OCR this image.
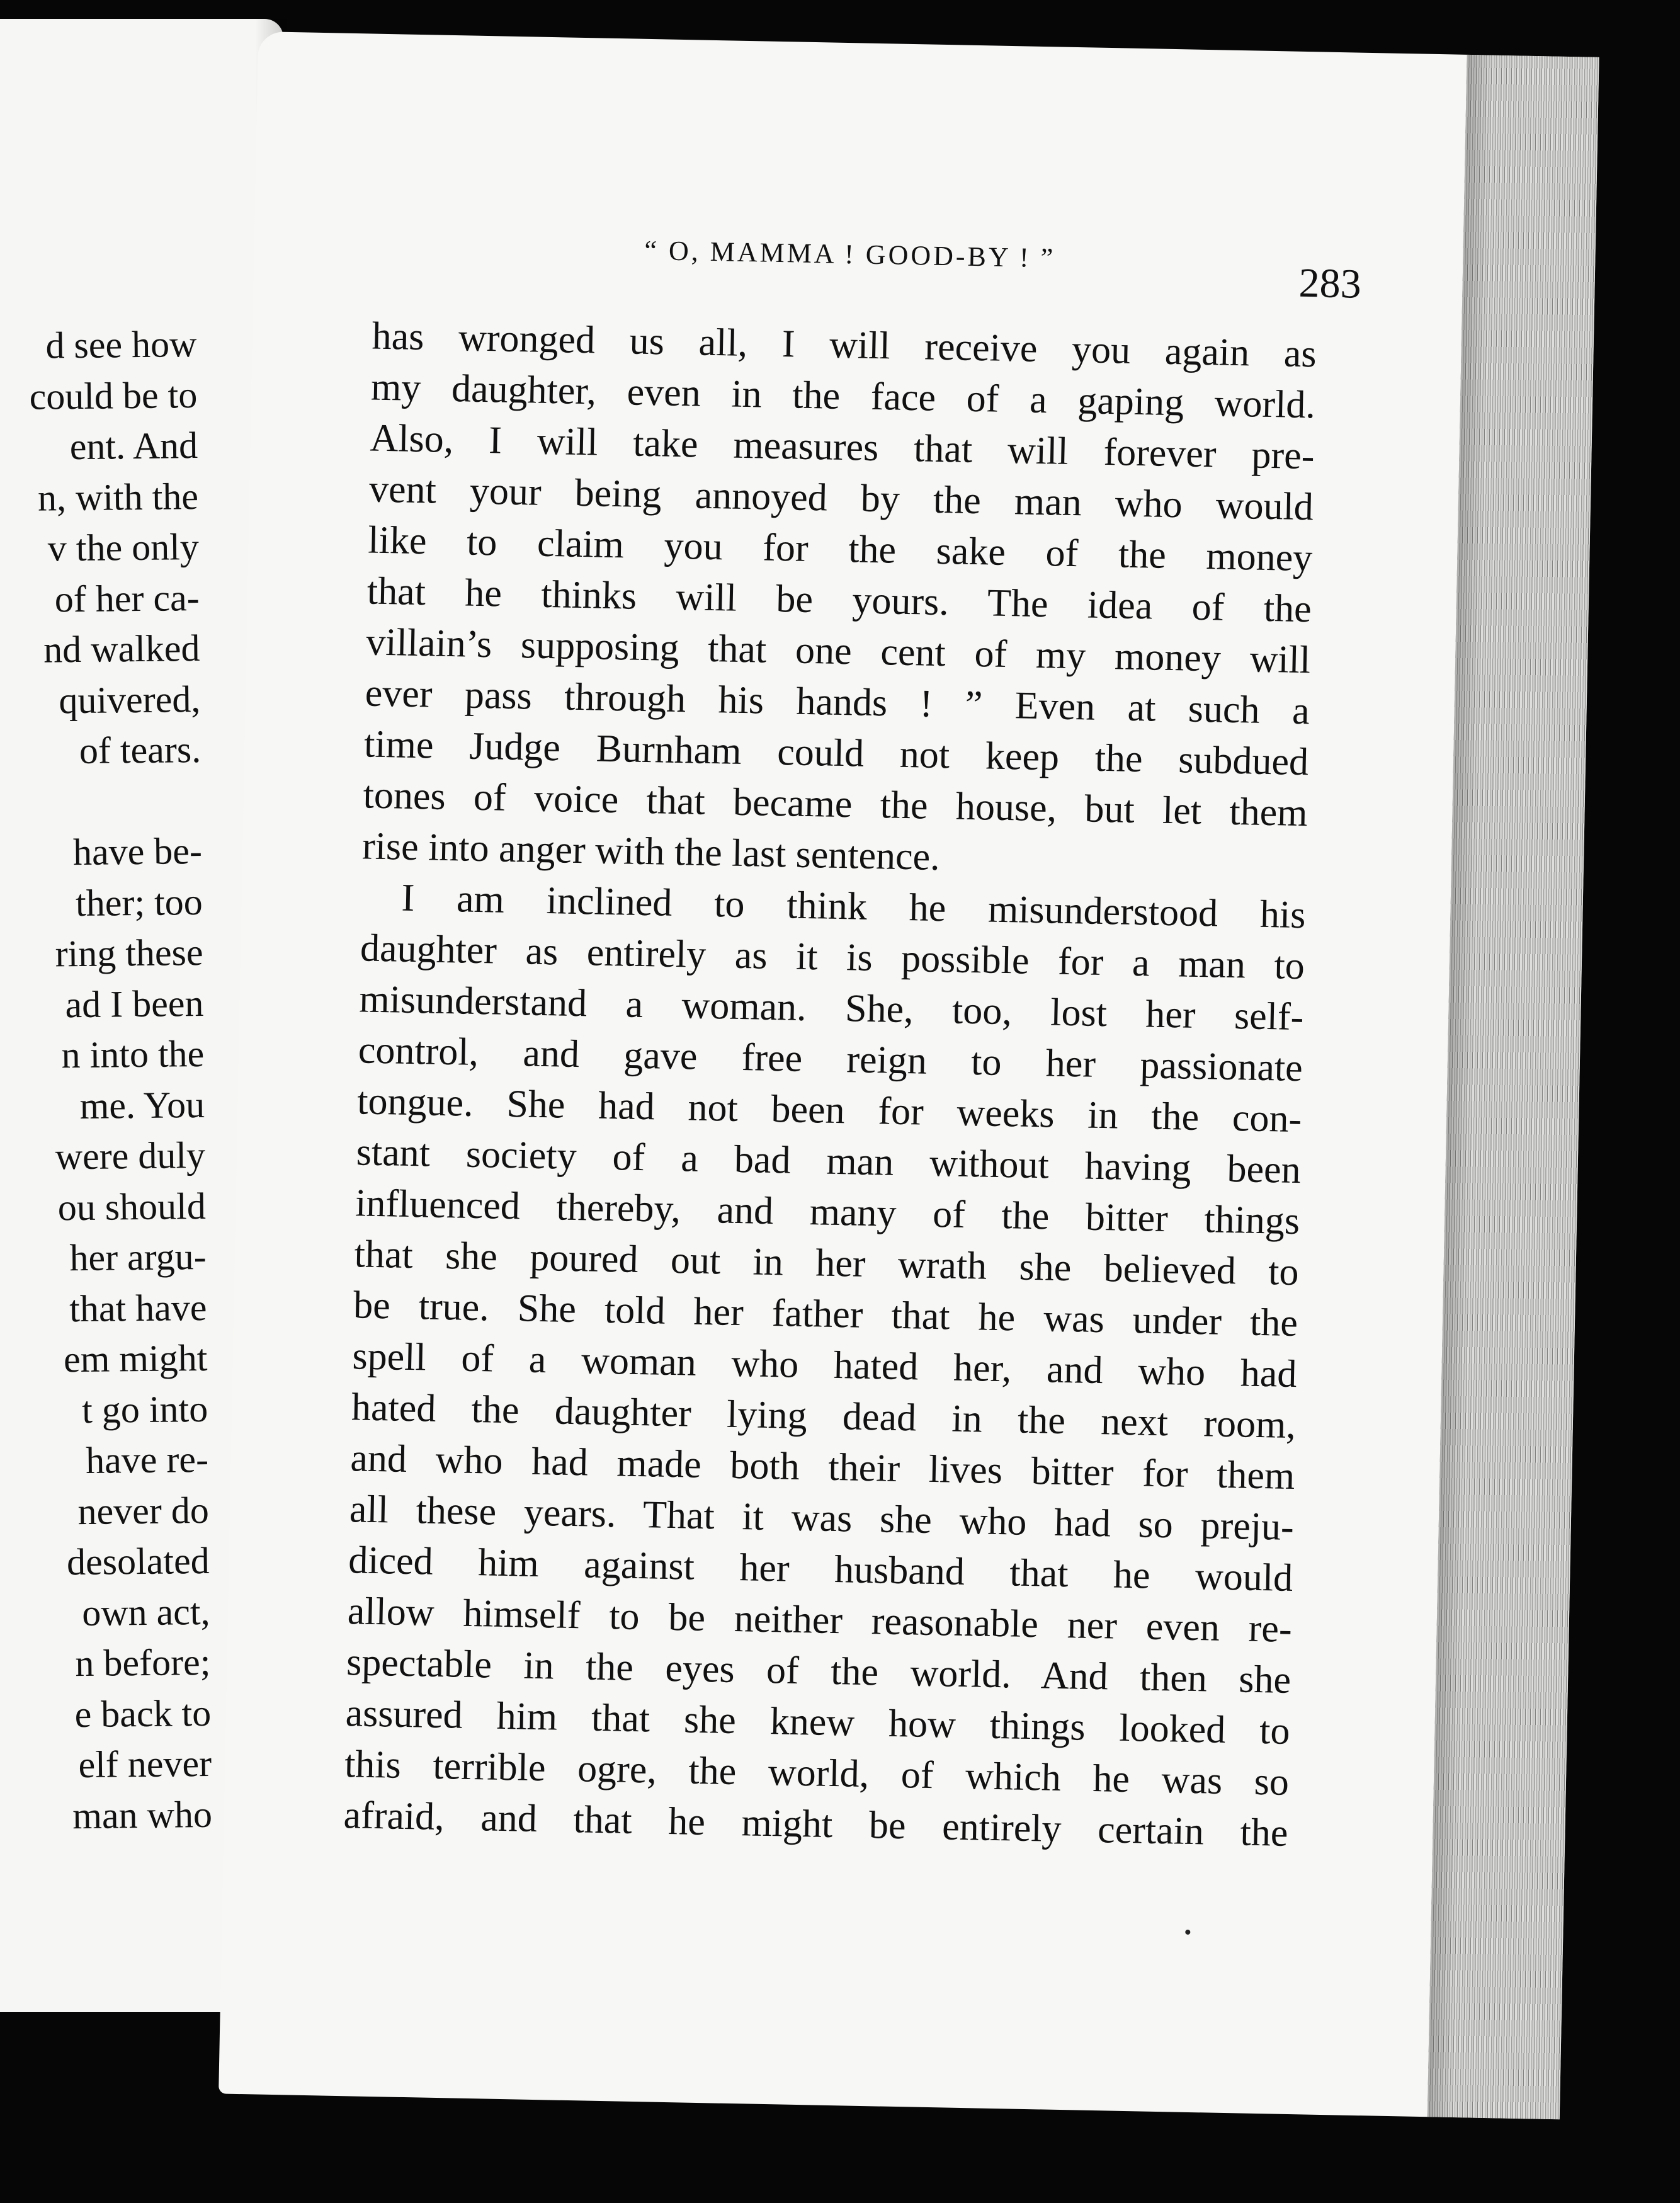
d see how
could be to
ent. And
n, with the
v the only
of her ca-
nd walked
quivered,
of tears.
have be-
ther; too
ring these
ad I been
n into the
me. You
were duly
ou should
her argu-
that have
em might
t go into
have re-
never do
desolated
own act,
n before;
e back to
elf never
man who
“ O, MAMMA ! GOOD-BY ! ”
283
has wronged us all, I will receive you again as
my daughter, even in the face of a gaping world.
Also, I will take measures that will forever pre-
vent your being annoyed by the man who would
like to claim you for the sake of the money
that he thinks will be yours. The idea of the
villain’s supposing that one cent of my money will
ever pass through his hands ! ” Even at such a
time Judge Burnham could not keep the subdued
tones of voice that became the house, but let them
rise into anger with the last sentence.
I am inclined to think he misunderstood his
daughter as entirely as it is possible for a man to
misunderstand a woman. She, too, lost her self-
control, and gave free reign to her passionate
tongue. She had not been for weeks in the con-
stant society of a bad man without having been
influenced thereby, and many of the bitter things
that she poured out in her wrath she believed to
be true. She told her father that he was under the
spell of a woman who hated her, and who had
hated the daughter lying dead in the next room,
and who had made both their lives bitter for them
all these years. That it was she who had so preju-
diced him against her husband that he would
allow himself to be neither reasonable ner even re-
spectable in the eyes of the world. And then she
assured him that she knew how things looked to
this terrible ogre, the world, of which he was so
afraid, and that he might be entirely certain the
